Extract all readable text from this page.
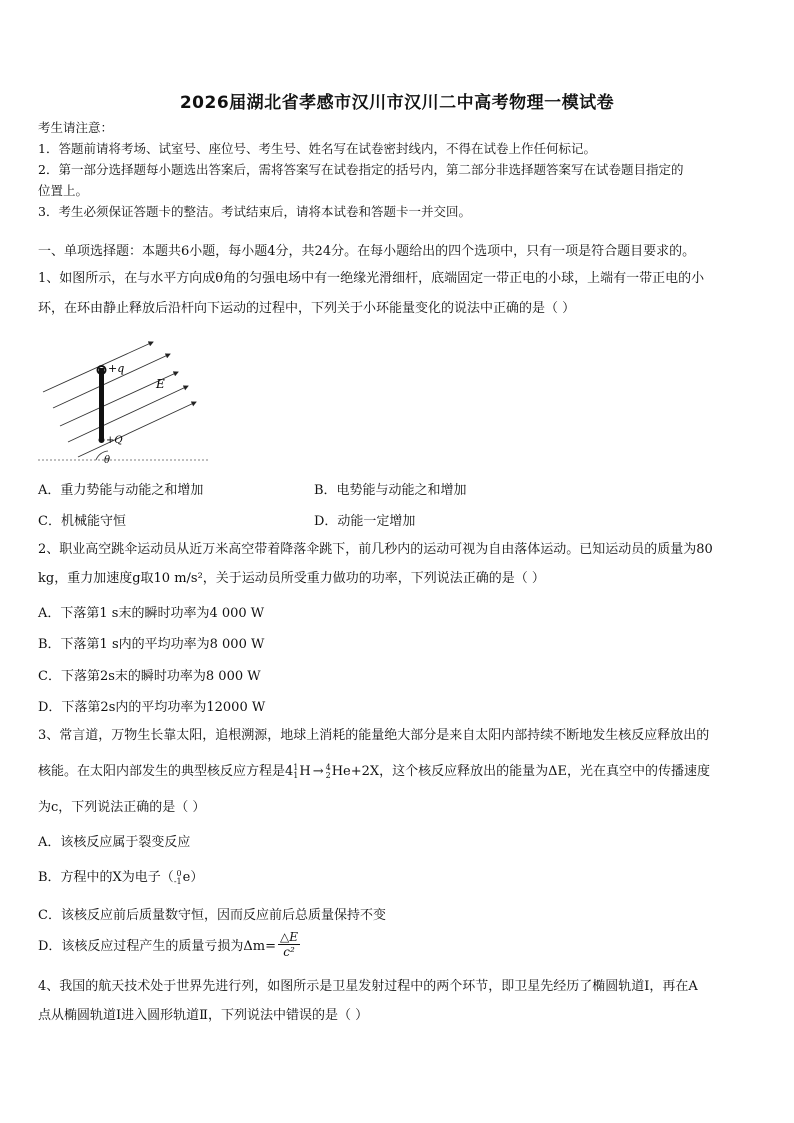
2026届湖北省孝感市汉川市汉川二中高考物理一模试卷
考生请注意：
1．答题前请将考场、试室号、座位号、考生号、姓名写在试卷密封线内，不得在试卷上作任何标记。
2．第一部分选择题每小题选出答案后，需将答案写在试卷指定的括号内，第二部分非选择题答案写在试卷题目指定的
位置上。
3．考生必须保证答题卡的整洁。考试结束后，请将本试卷和答题卡一并交回。
一、单项选择题：本题共6小题，每小题4分，共24分。在每小题给出的四个选项中，只有一项是符合题目要求的。
1、如图所示，在与水平方向成θ角的匀强电场中有一绝缘光滑细杆，底端固定一带正电的小球，上端有一带正电的小
环，在环由静止释放后沿杆向下运动的过程中，下列关于小环能量变化的说法中正确的是（ ）
+q
E
+Q
θ
A．重力势能与动能之和增加	B．电势能与动能之和增加
C．机械能守恒	D．动能一定增加
2、职业高空跳伞运动员从近万米高空带着降落伞跳下，前几秒内的运动可视为自由落体运动。已知运动员的质量为80
kg，重力加速度g取10 m/s²，关于运动员所受重力做功的功率，下列说法正确的是（ ）
A．下落第1 s末的瞬时功率为4 000 W
B．下落第1 s内的平均功率为8 000 W
C．下落第2s末的瞬时功率为8 000 W
D．下落第2s内的平均功率为12000 W
3、常言道，万物生长靠太阳，追根溯源，地球上消耗的能量绝大部分是来自太阳内部持续不断地发生核反应释放出的
核能。在太阳内部发生的典型核反应方程是4 1
1 H → 4
2 He+2X，这个核反应释放出的能量为ΔE，光在真空中的传播速度
为c，下列说法正确的是（ ）
A．该核反应属于裂变反应
B．方程中的X为电子（ 0
-1 e）
C．该核反应前后质量数守恒，因而反应前后总质量保持不变
D．该核反应过程产生的质量亏损为$\Delta m= \frac{\triangle E}{\text{c²}}$
4、我国的航天技术处于世界先进行列，如图所示是卫星发射过程中的两个环节，即卫星先经历了椭圆轨道Ⅰ，再在A
点从椭圆轨道Ⅰ进入圆形轨道Ⅱ，下列说法中错误的是（ ）
